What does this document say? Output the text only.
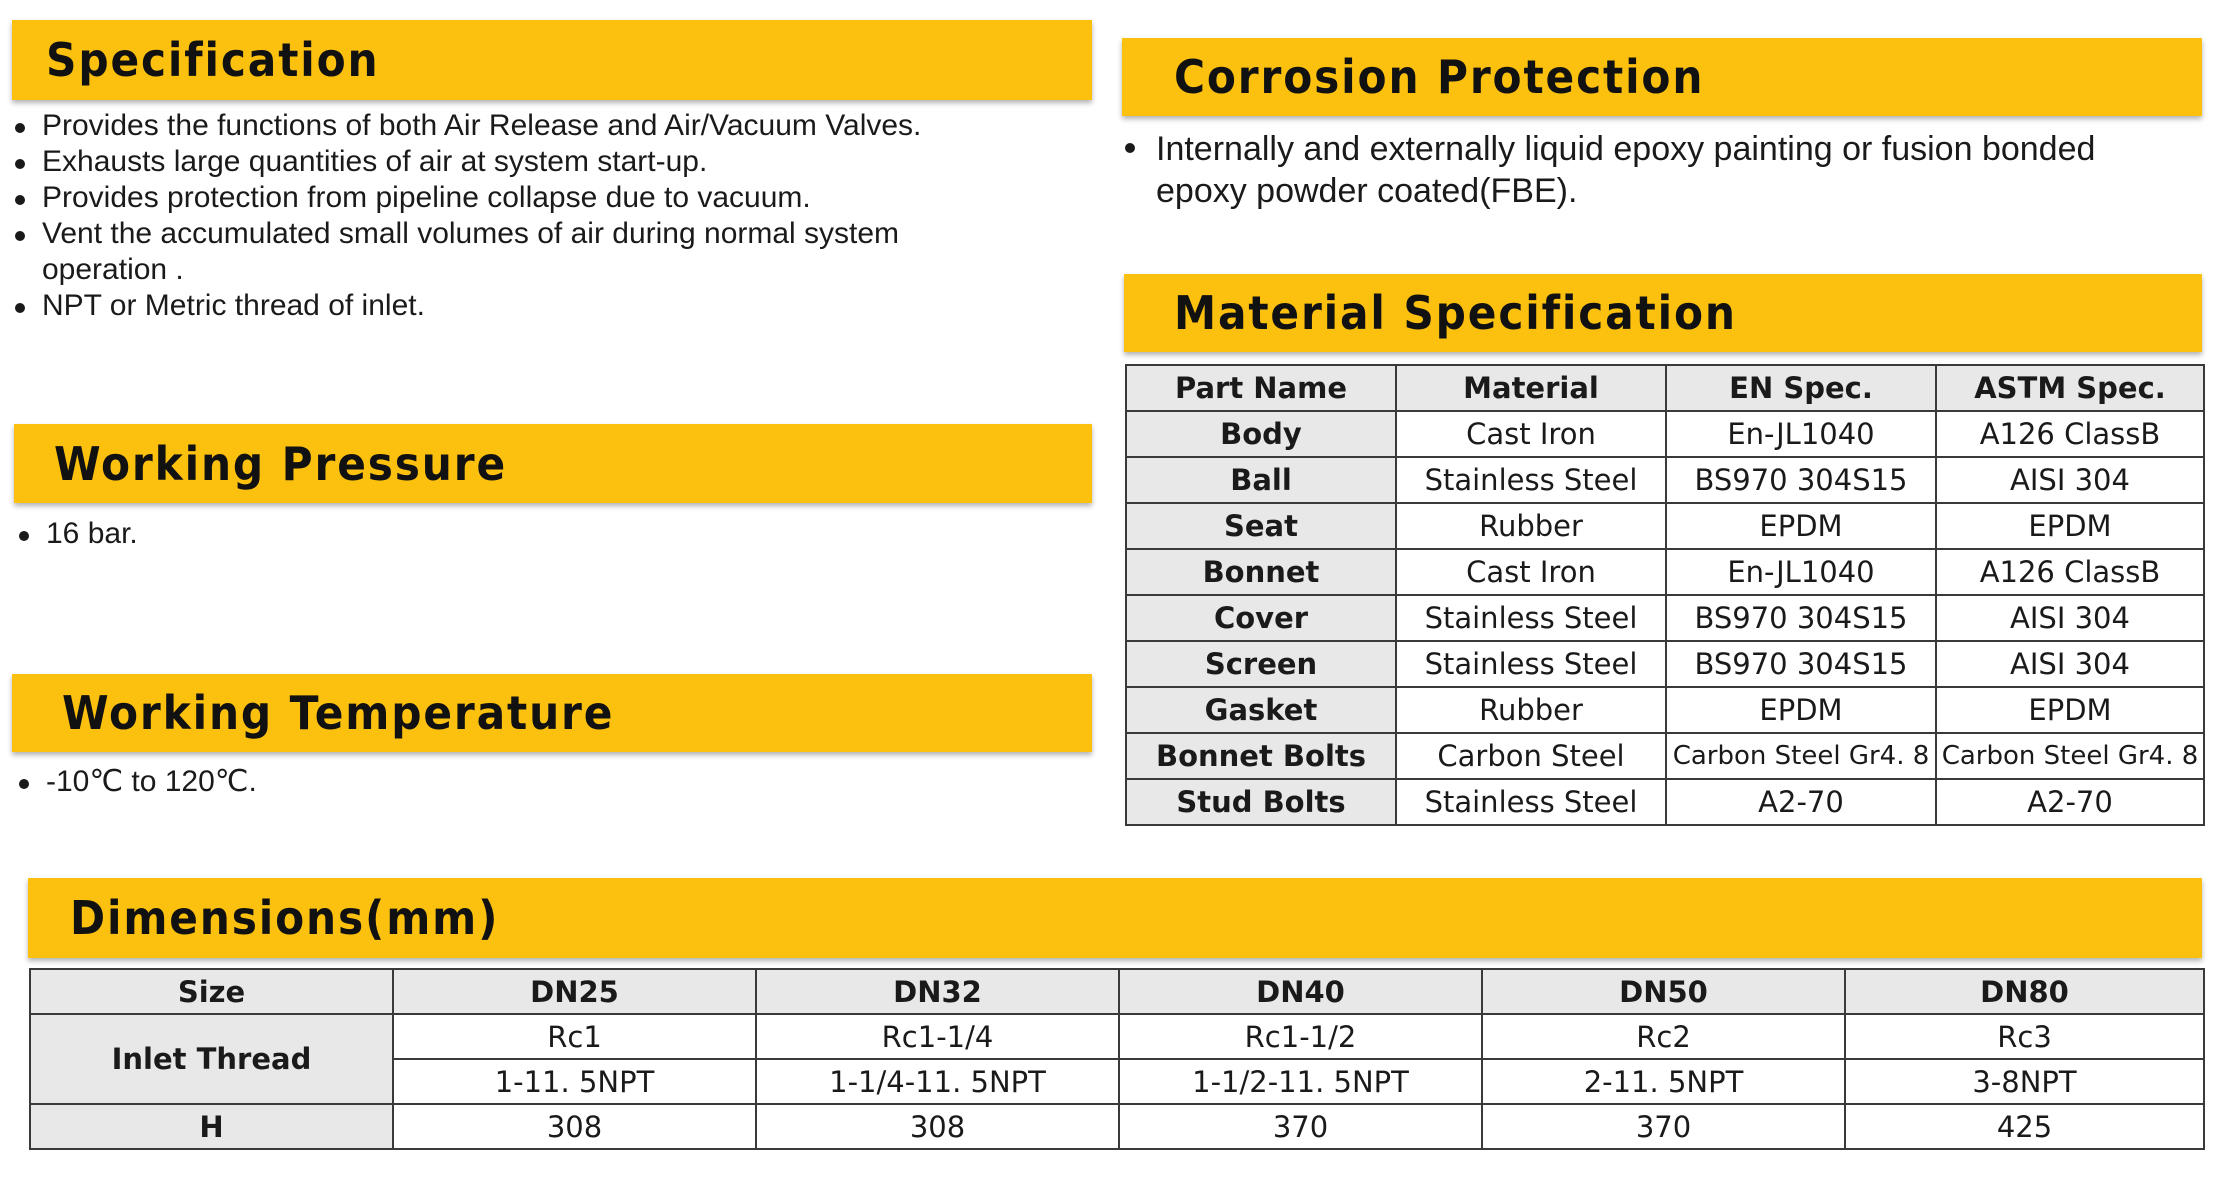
Specification
Provides the functions of both Air Release and Air/Vacuum Valves.
Exhausts large quantities of air at system start-up.
Provides protection from pipeline collapse due to vacuum.
Vent the accumulated small volumes of air during normal system operation .
NPT or Metric thread of inlet.
Working Pressure
16 bar.
Working Temperature
-10℃ to 120℃.
Corrosion Protection
Internally and externally liquid epoxy painting or fusion bonded epoxy powder coated(FBE).
Material Specification
Part Name	Material	EN Spec.	ASTM Spec.
Body	Cast Iron	En-JL1040	A126 ClassB
Ball	Stainless Steel	BS970 304S15	AISI 304
Seat	Rubber	EPDM	EPDM
Bonnet	Cast Iron	En-JL1040	A126 ClassB
Cover	Stainless Steel	BS970 304S15	AISI 304
Screen	Stainless Steel	BS970 304S15	AISI 304
Gasket	Rubber	EPDM	EPDM
Bonnet Bolts	Carbon Steel	Carbon Steel Gr4. 8	Carbon Steel Gr4. 8
Stud Bolts	Stainless Steel	A2-70	A2-70
Dimensions(mm)
Size	DN25	DN32	DN40	DN50	DN80
Inlet Thread	Rc1	Rc1-1/4	Rc1-1/2	Rc2	Rc3
	1-11. 5NPT	1-1/4-11. 5NPT	1-1/2-11. 5NPT	2-11. 5NPT	3-8NPT
H	308	308	370	370	425
